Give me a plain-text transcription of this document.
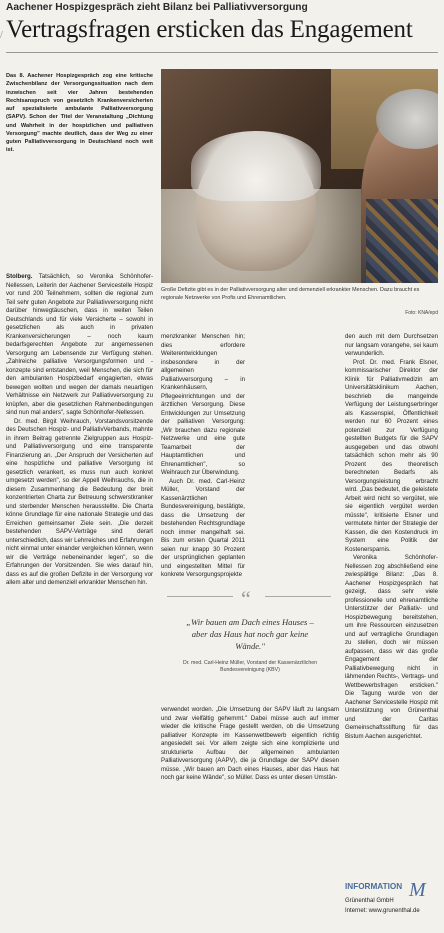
/
Aachener Hospizgespräch zieht Bilanz bei Palliativversorgung
Vertragsfragen ersticken das Engagement
Das 8. Aachener Hospizgespräch zog eine kritische Zwischenbilanz der Versorgungssituation nach dem inzwischen seit vier Jahren bestehenden Rechtsanspruch von gesetzlich Krankenversicherten auf spezialisierte ambulante Palliativversorgung (SAPV). Schon der Titel der Veranstaltung „Dichtung und Wahrheit in der hospizlichen und palliativen Versorgung" machte deutlich, dass der Weg zu einer guten Palliativversorgung in Deutschland noch weit ist.
Große Defizite gibt es in der Palliativversorgung alter und demenziell erkrankter Menschen. Dazu braucht es regionale Netzwerke von Profis und Ehrenamtlichen.
Foto: KNA/epd

Stolberg. Tatsächlich, so Veronika Schönhofer-Nellessen, Leiterin der Aachener Servicestelle Hospiz vor rund 200 Teilnehmern, sollten die regional zum Teil sehr guten Angebote zur Palliativversorgung nicht darüber hinwegtäuschen, dass in weiten Teilen Deutschlands und für viele Versicherte – sowohl in gesetzlichen als auch in privaten Krankenversicherungen – noch kaum bedarfsgerechten Angebote zur angemessenen Versorgung am Lebensende zur Verfügung stehen. „Zahlreiche palliative Versorgungsformen und -konzepte sind entstanden, weil Menschen, die sich für den ambulanten Hospizbedarf engagierten, etwas bewegen wollten und wegen der damals neuartigen Verhältnisse ein Netzwerk zur Palliativversorgung zu knüpfen, aber die gesetzlichen Rahmenbedingungen sind nun mal anders", sagte Schönhofer-Nellessen.

Dr. med. Birgit Weihrauch, Vorstandsvorsitzende des Deutschen Hospiz- und PalliativVerbands, mahnte in ihrem Beitrag getrennte Zielgruppen aus Hospiz- und Palliativversorgung und eine transparente Finanzierung an. „Der Anspruch der Versicherten auf eine hospizliche und palliative Versorgung ist gesetzlich verankert, es muss nun auch konkret umgesetzt werden", so der Appell Weihrauchs, die in diesem Zusammenhang die Bedeutung der breit konzentrierten Charta zur Betreuung schwerstkranker und sterbender Menschen herausstellte. Die Charta könne Grundlage für eine nationale Strategie und das Erreichen gemeinsamer Ziele sein. „Die derzeit bestehenden SAPV-Verträge sind derart unterschiedlich, dass wir Lehrreiches und Erfahrungen nicht einmal unter einander vergleichen können, wenn wir die Verträge nebeneinander legen", so die Erfahrungen der Vorsitzenden. Sie wies darauf hin, dass es auf die großen Defizite in der Versorgung vor allem alter und demenziell erkrankter Menschen hin.

menzkranker Menschen hin; dies erfordere Weiterentwicklungen insbesondere in der allgemeinen Palliativversorgung – in Krankenhäusern, Pflegeeinrichtungen und der ärztlichen Versorgung. Diese Entwicklungen zur Umsetzung der palliativen Versorgung: „Wir brauchen dazu regionale Netzwerke und eine gute Teamarbeit der Hauptamtlichen und Ehrenamtlichen", so Weihrauch zur Überwindung.

Auch Dr. med. Carl-Heinz Müller, Vorstand der Kassenärztlichen Bundesvereinigung, bestätigte, dass die Umsetzung der bestehenden Rechtsgrundlage noch immer mangelhaft sei. Bis zum ersten Quartal 2011 seien nur knapp 30 Prozent der ursprünglichen geplanten und eingestellten Mittel für konkrete Versorgungsprojekte

“
„Wir bauen am Dach eines Hauses – aber das Haus hat noch gar keine Wände."
Dr. med. Carl-Heinz Müller, Vorstand der Kassenärztlichen Bundesvereinigung (KBV)

verwendet worden. „Die Umsetzung der SAPV läuft zu langsam und zwar vielfältig gehemmt." Dabei müsse auch auf immer wieder die kritische Frage gestellt werden, ob die Umsetzung palliativer Konzepte im Kassenwettbewerb eigentlich richtig angesiedelt sei. Vor allem zeigte sich eine komplizierte und strukturierte Aufbau der allgemeinen ambulanten Palliativversorgung (AAPV), die ja Grundlage der SAPV diesen müsse. „Wir bauen am Dach eines Hauses, aber das Haus hat noch gar keine Wände", so Müller. Dass es unter diesen Umstän-

den auch mit dem Durchsetzen nur langsam vorangehe, sei kaum verwunderlich.

Prof. Dr. med. Frank Elsner, kommissarischer Direktor der Klinik für Palliativmedizin am Universitätsklinikum Aachen, beschrieb die mangelnde Verfügung der Leistungserbringer als Kassenspiel, Öffentlichkeit werden nur 60 Prozent eines potenziell zur Verfügung gestellten Budgets für die SAPV ausgegeben und das obwohl tatsächlich schon mehr als 90 Prozent des theoretisch berechneten Bedarfs als Versorgungsleistung erbracht wird. „Das bedeutet, die geleistete Arbeit wird nicht so vergütet, wie sie eigentlich vergütet werden müsste", kritisierte Elsner und vermutete hinter der Strategie der Kassen, die den Kostendruck im System eine Politik der Kostenersparnis.

Veronika Schönhofer-Nellessen zog abschließend eine zwiespältige Bilanz: „Das 8. Aachener Hospizgespräch hat gezeigt, dass sehr viele professionelle und ehrenamtliche Unterstützer der Palliativ- und Hospizbewegung bereitstehen, um ihre Ressourcen einzusetzen und auf vertragliche Grundlagen zu stellen, doch wir müssen aufpassen, dass wir das große Engagement der Palliativbewegung nicht in lähmenden Rechts-, Vertrags- und Wettbewerbsfragen ersticken." Die Tagung wurde von der Aachener Servicestelle Hospiz mit Unterstützung von Grünenthal und der Caritas Gemeinschaftsstiftung für das Bistum Aachen ausgerichtet.

INFORMATION M
Grünenthal GmbH
Internet: www.grunenthal.de
